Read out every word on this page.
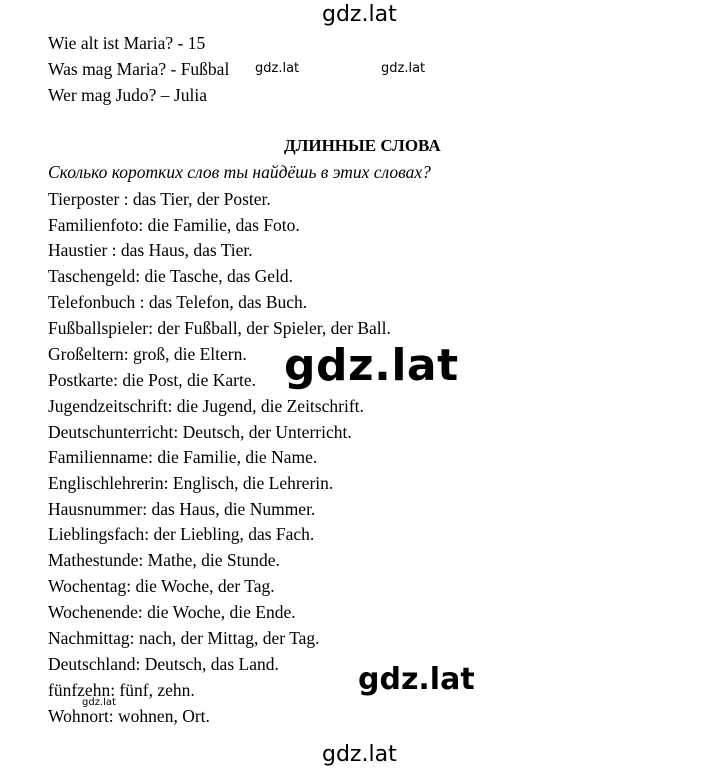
gdz.lat
Wie alt ist Maria? - 15
Was mag Maria? - Fußbal
Wer mag Judo? – Julia
gdz.lat	gdz.lat
ДЛИННЫЕ СЛОВА
Сколько коротких слов ты найдёшь в этих словах?
Tierposter : das Tier, der Poster.
Familienfoto: die Familie, das Foto.
Haustier : das Haus, das Tier.
Taschengeld: die Tasche, das Geld.
Telefonbuch : das Telefon, das Buch.
Fußballspieler: der Fußball, der Spieler, der Ball.
Großeltern: groß, die Eltern.
Postkarte: die Post, die Karte.
Jugendzeitschrift: die Jugend, die Zeitschrift.
Deutschunterricht: Deutsch, der Unterricht.
Familienname: die Familie, die Name.
Englischlehrerin: Englisch, die Lehrerin.
Hausnummer: das Haus, die Nummer.
Lieblingsfach: der Liebling, das Fach.
Mathestunde: Mathe, die Stunde.
Wochentag: die Woche, der Tag.
Wochenende: die Woche, die Ende.
Nachmittag: nach, der Mittag, der Tag.
Deutschland: Deutsch, das Land.
fünfzehn: fünf, zehn.
Wohnort: wohnen, Ort.
gdz.lat
gdz.lat
gdz.lat
gdz.lat
